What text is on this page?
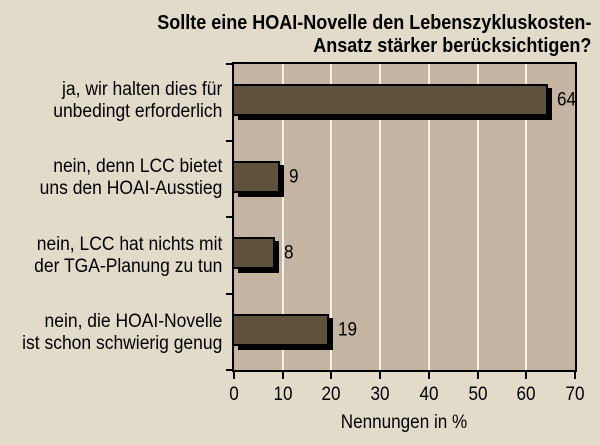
Sollte eine HOAI-Novelle den Lebenszykluskosten-
Ansatz stärker berücksichtigen?
64
9
8
19
ja, wir halten dies für
unbedingt erforderlich
nein, denn LCC bietet
uns den HOAI-Ausstieg
nein, LCC hat nichts mit
der TGA-Planung zu tun
nein, die HOAI-Novelle
ist schon schwierig genug
0 10 20 30 40 50 60 70
Nennungen in %
